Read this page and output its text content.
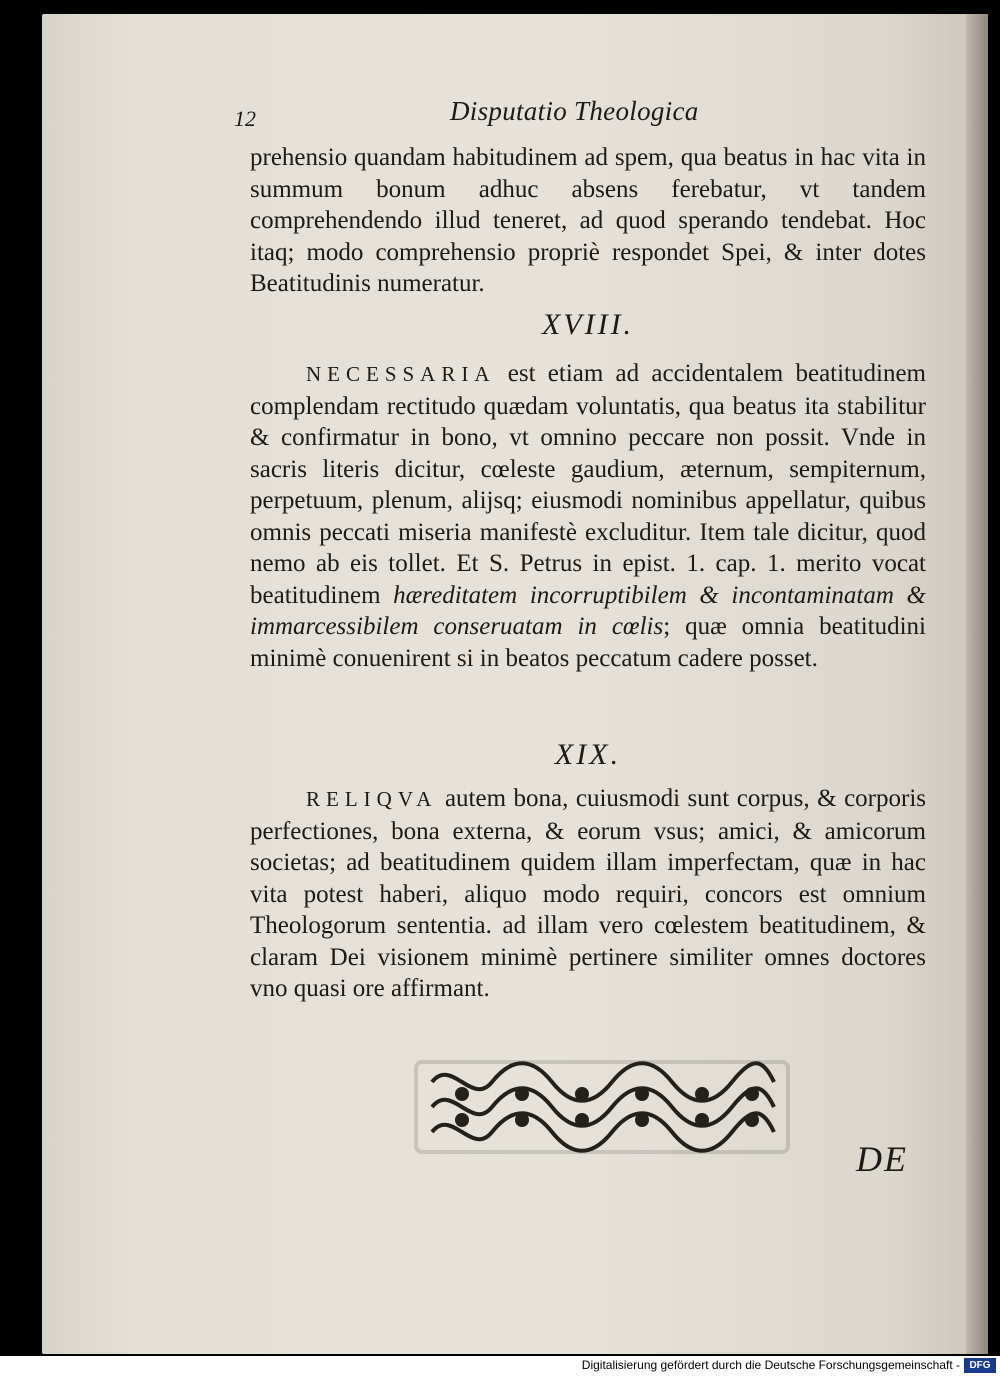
12	Disputatio Theologica

prehensio quandam habitudinem ad spem, qua beatus in hac vita in summum bonum adhuc absens ferebatur, vt tandem comprehendendo illud teneret, ad quod sperando tendebat. Hoc itaq; modo comprehensio propriè respondet Spei, & inter dotes Beatitudinis numeratur.

XVIII.

NECESSARIA est etiam ad accidentalem beatitudinem complendam rectitudo quædam voluntatis, qua beatus ita stabilitur & confirmatur in bono, vt omnino peccare non possit. Vnde in sacris literis dicitur, cœleste gaudium, æternum, sempiternum, perpetuum, plenum, alijsq; eiusmodi nominibus appellatur, quibus omnis peccati miseria manifestè excluditur. Item tale dicitur, quod nemo ab eis tollet. Et S. Petrus in epist. 1. cap. 1. merito vocat beatitudinem hæreditatem incorruptibilem & incontaminatam & immarcessibilem conseruatam in cœlis; quæ omnia beatitudini minimè conuenirent si in beatos peccatum cadere posset.

XIX.

RELIQVA autem bona, cuiusmodi sunt corpus, & corporis perfectiones, bona externa, & eorum vsus; amici, & amicorum societas; ad beatitudinem quidem illam imperfectam, quæ in hac vita potest haberi, aliquo modo requiri, concors est omnium Theologorum sententia. ad illam vero cœlestem beatitudinem, & claram Dei visionem minimè pertinere similiter omnes doctores vno quasi ore affirmant.

DE
Digitalisierung gefördert durch die Deutsche Forschungsgemeinschaft - DFG
